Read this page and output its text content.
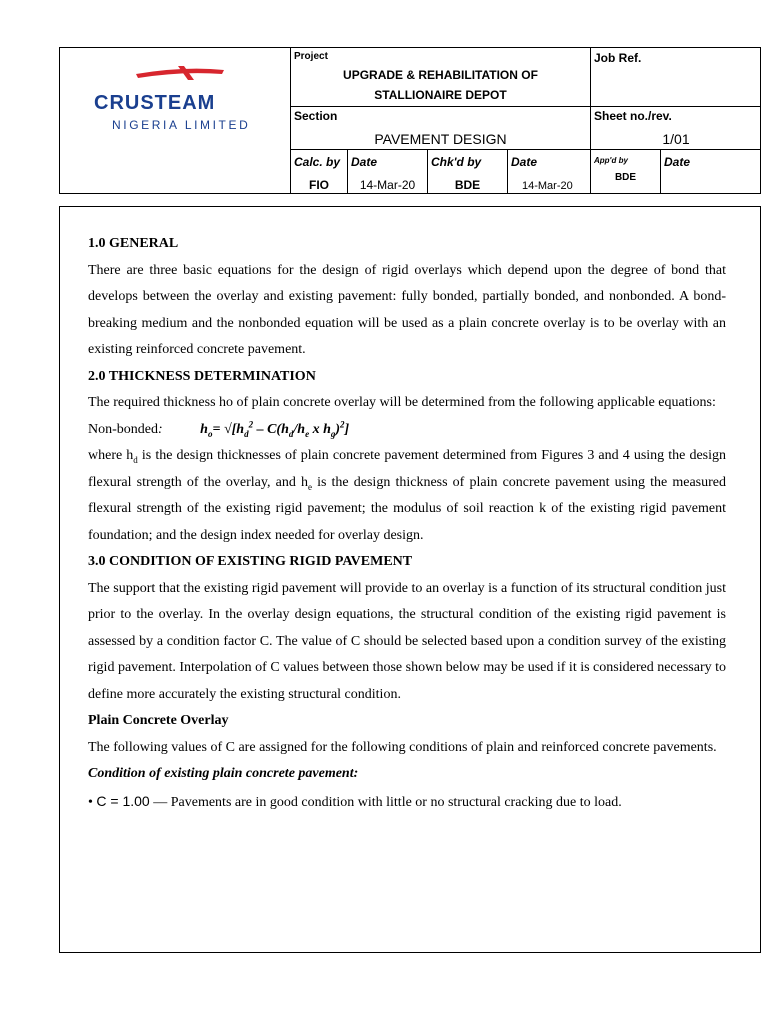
CRUSTEAM
NIGERIA LIMITED
Project
UPGRADE & REHABILITATION OF
STALLIONAIRE DEPOT
Job Ref.
Section
PAVEMENT DESIGN
Sheet no./rev.
1/01
Calc. by
FIO
Date
14-Mar-20
Chk'd by
BDE
Date
14-Mar-20
App'd by
BDE
Date

1.0 GENERAL

There are three basic equations for the design of rigid overlays which depend upon the degree of bond that develops between the overlay and existing pavement: fully bonded, partially bonded, and nonbonded. A bond-breaking medium and the nonbonded equation will be used as a plain concrete overlay is to be overlay with an existing reinforced concrete pavement.

2.0 THICKNESS DETERMINATION

The required thickness ho of plain concrete overlay will be determined from the following applicable equations:

Non-bonded:	$h_o= √[h_d^2 - C(h_d/h_e$ x $h_g)^2$]

where $h_d$ is the design thicknesses of plain concrete pavement determined from Figures 3 and 4 using the design flexural strength of the overlay, and $h_e$ is the design thickness of plain concrete pavement using the measured flexural strength of the existing rigid pavement; the modulus of soil reaction k of the existing rigid pavement foundation; and the design index needed for overlay design.

3.0 CONDITION OF EXISTING RIGID PAVEMENT

The support that the existing rigid pavement will provide to an overlay is a function of its structural condition just prior to the overlay. In the overlay design equations, the structural condition of the existing rigid pavement is assessed by a condition factor C. The value of C should be selected based upon a condition survey of the existing rigid pavement. Interpolation of C values between those shown below may be used if it is considered necessary to define more accurately the existing structural condition.

Plain Concrete Overlay

The following values of C are assigned for the following conditions of plain and reinforced concrete pavements.

Condition of existing plain concrete pavement:

• C = 1.00 — Pavements are in good condition with little or no structural cracking due to load.
